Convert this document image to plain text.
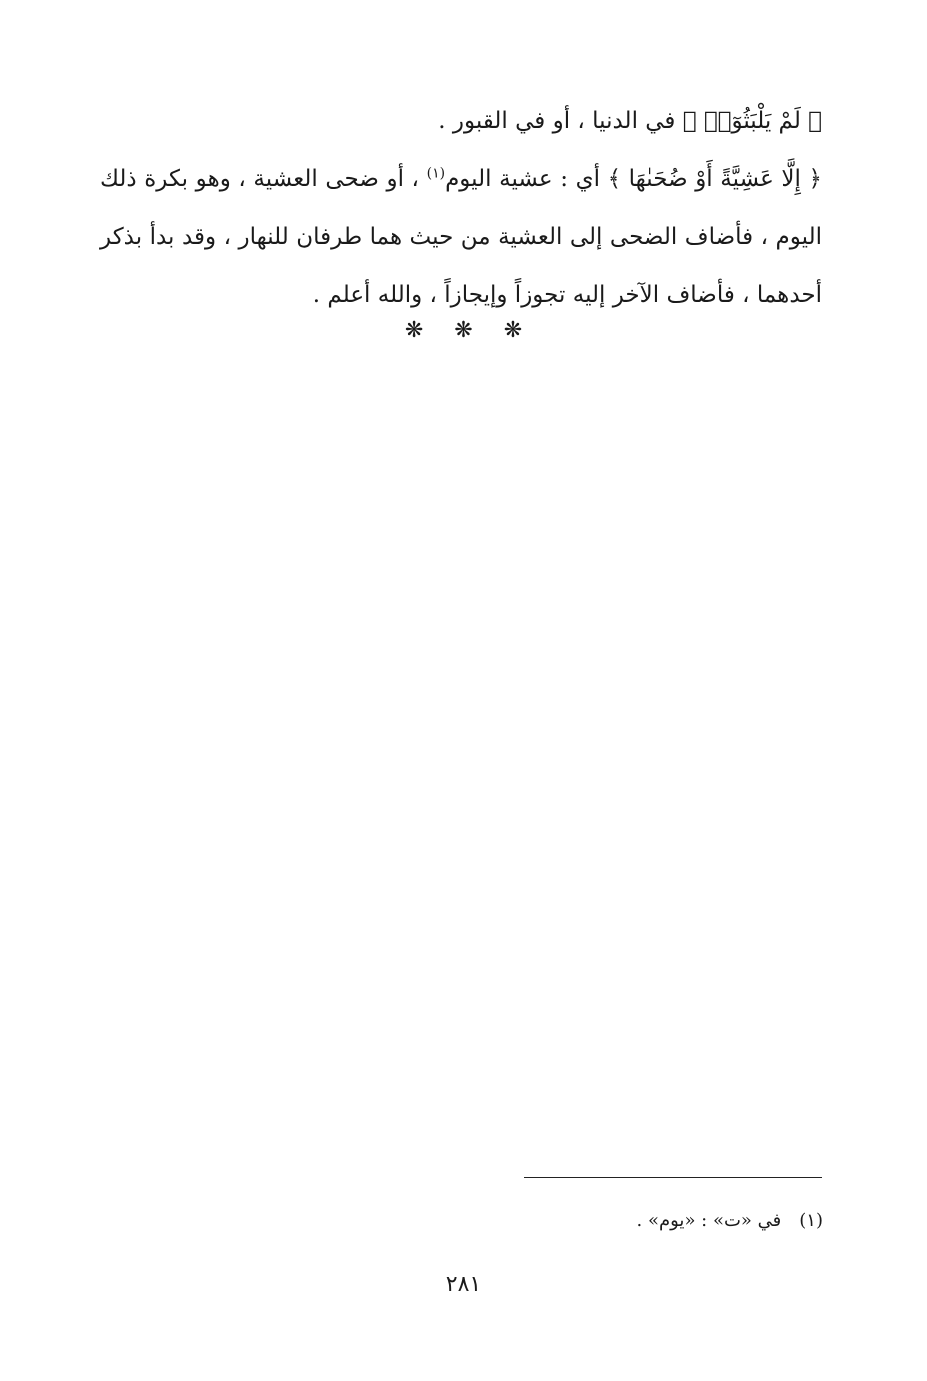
﴿ لَمْ يَلْبَثُوٓا۟ ﴾ في الدنيا ، أو في القبور .

﴿ إِلَّا عَشِيَّةً أَوْ ضُحَىٰهَا ﴾ أي : عشية اليوم$^{(١)}$ ، أو ضحى العشية ، وهو بكرة ذلك اليوم ، فأضاف الضحى إلى العشية من حيث هما طرفان للنهار ، وقد بدأ بذكر أحدهما ، فأضاف الآخر إليه تجوزاً وإيجازاً ، والله أعلم .

❋ ❋ ❋
(١)في «ت» : «يوم» .
٢٨١
